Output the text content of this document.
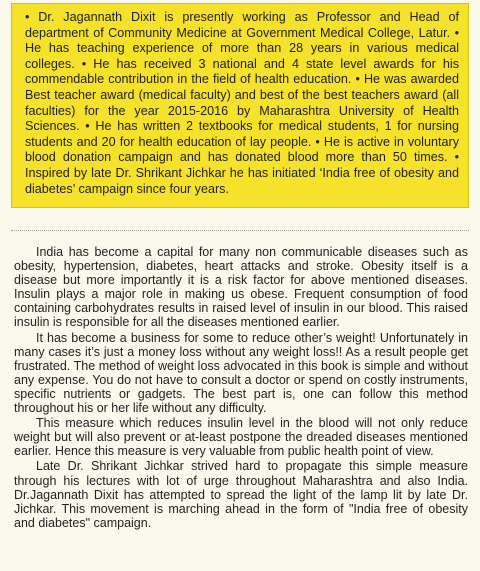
• Dr. Jagannath Dixit is presently working as Professor and Head of department of Community Medicine at Government Medical College, Latur. • He has teaching experience of more than 28 years in various medical colleges. • He has received 3 national and 4 state level awards for his commendable contribution in the field of health education. • He was awarded Best teacher award (medical faculty) and best of the best teachers award (all faculties) for the year 2015-2016 by Maharashtra University of Health Sciences. • He has written 2 textbooks for medical students, 1 for nursing students and 20 for health education of lay people. • He is active in voluntary blood donation campaign and has donated blood more than 50 times. • Inspired by late Dr. Shrikant Jichkar he has initiated ‘India free of obesity and diabetes’ campaign since four years.

India has become a capital for many non communicable diseases such as obesity, hypertension, diabetes, heart attacks and stroke. Obesity itself is a disease but more importantly it is a risk factor for above mentioned diseases. Insulin plays a major role in making us obese. Frequent consumption of food containing carbohydrates results in raised level of insulin in our blood. This raised insulin is responsible for all the diseases mentioned earlier.

It has become a business for some to reduce other’s weight! Unfortunately in many cases it’s just a money loss without any weight loss!! As a result people get frustrated. The method of weight loss advocated in this book is simple and without any expense. You do not have to consult a doctor or spend on costly instruments, specific nutrients or gadgets. The best part is, one can follow this method throughout his or her life without any difficulty.

This measure which reduces insulin level in the blood will not only reduce weight but will also prevent or at-least postpone the dreaded diseases mentioned earlier. Hence this measure is very valuable from public health point of view.

Late Dr. Shrikant Jichkar strived hard to propagate this simple measure through his lectures with lot of urge throughout Maharashtra and also India. Dr.Jagannath Dixit has attempted to spread the light of the lamp lit by late Dr. Jichkar. This movement is marching ahead in the form of "India free of obesity and diabetes" campaign.
